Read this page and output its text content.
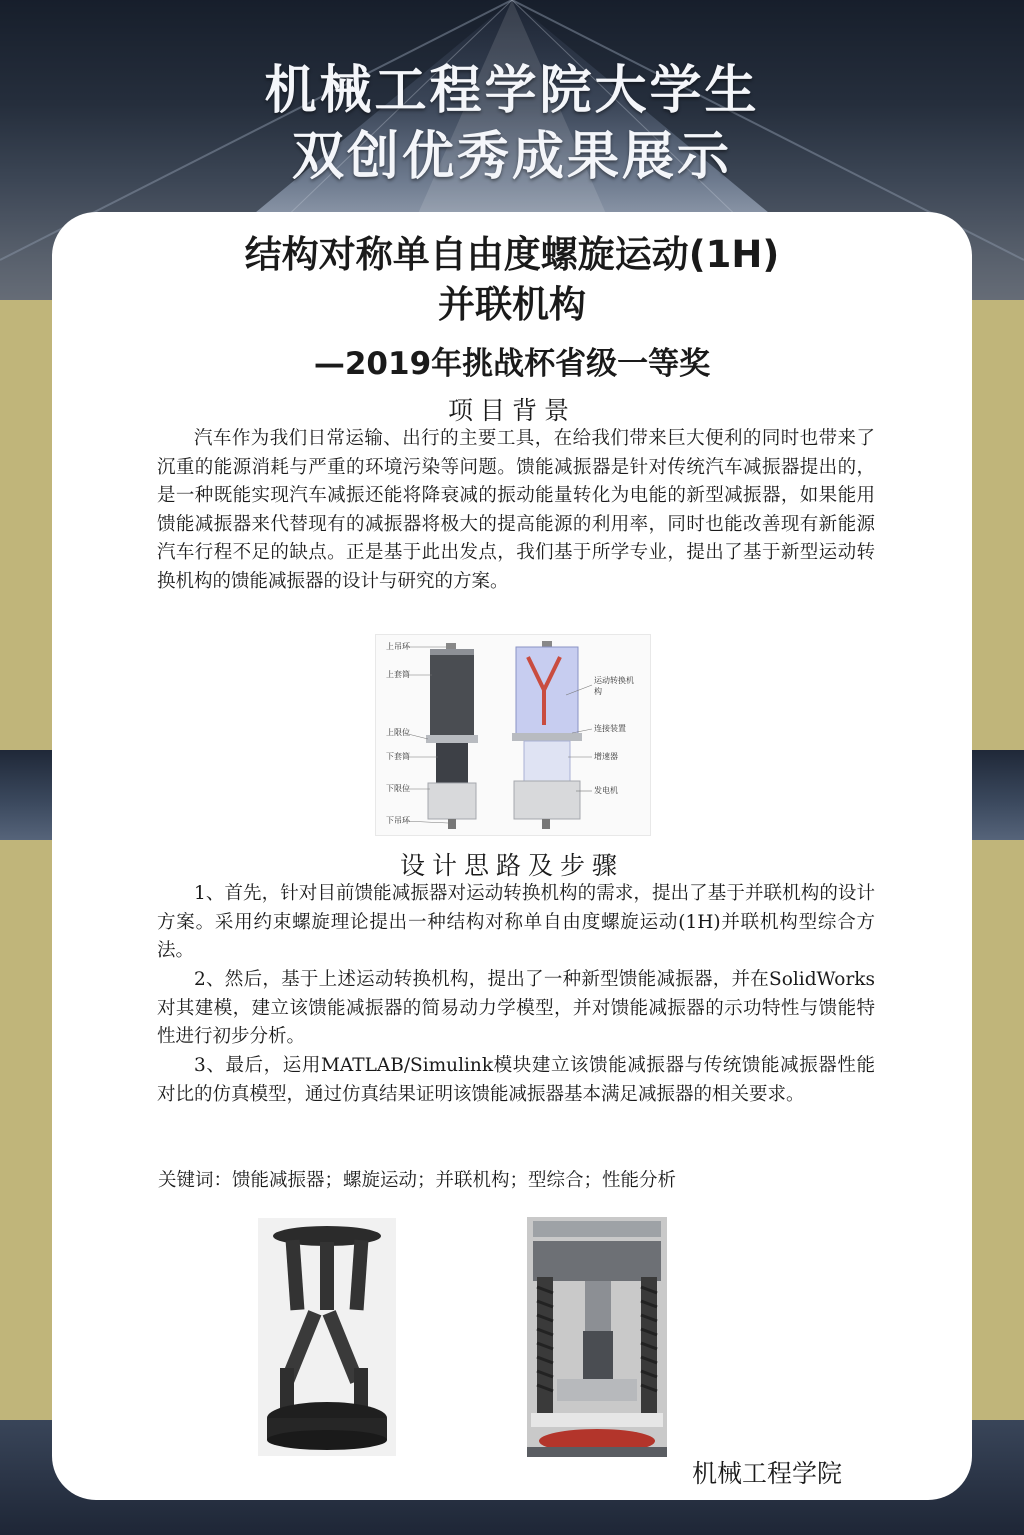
机械工程学院大学生
双创优秀成果展示
结构对称单自由度螺旋运动(1H)
并联机构
—2019年挑战杯省级一等奖
项目背景

汽车作为我们日常运输、出行的主要工具，在给我们带来巨大便利的同时也带来了沉重的能源消耗与严重的环境污染等问题。馈能减振器是针对传统汽车减振器提出的，是一种既能实现汽车减振还能将降衰减的振动能量转化为电能的新型减振器，如果能用馈能减振器来代替现有的减振器将极大的提高能源的利用率，同时也能改善现有新能源汽车行程不足的缺点。正是基于此出发点，我们基于所学专业，提出了基于新型运动转换机构的馈能减振器的设计与研究的方案。

上吊环
上套筒
上限位
下套筒
下限位
下吊环
运动转换机构
连接装置
增速器
发电机
设计思路及步骤

1、首先，针对目前馈能减振器对运动转换机构的需求，提出了基于并联机构的设计方案。采用约束螺旋理论提出一种结构对称单自由度螺旋运动(1H)并联机构型综合方法。

2、然后，基于上述运动转换机构，提出了一种新型馈能减振器，并在SolidWorks对其建模，建立该馈能减振器的简易动力学模型，并对馈能减振器的示功特性与馈能特性进行初步分析。

3、最后，运用MATLAB/Simulink模块建立该馈能减振器与传统馈能减振器性能对比的仿真模型，通过仿真结果证明该馈能减振器基本满足减振器的相关要求。

关键词：馈能减振器；螺旋运动；并联机构；型综合；性能分析
机械工程学院
